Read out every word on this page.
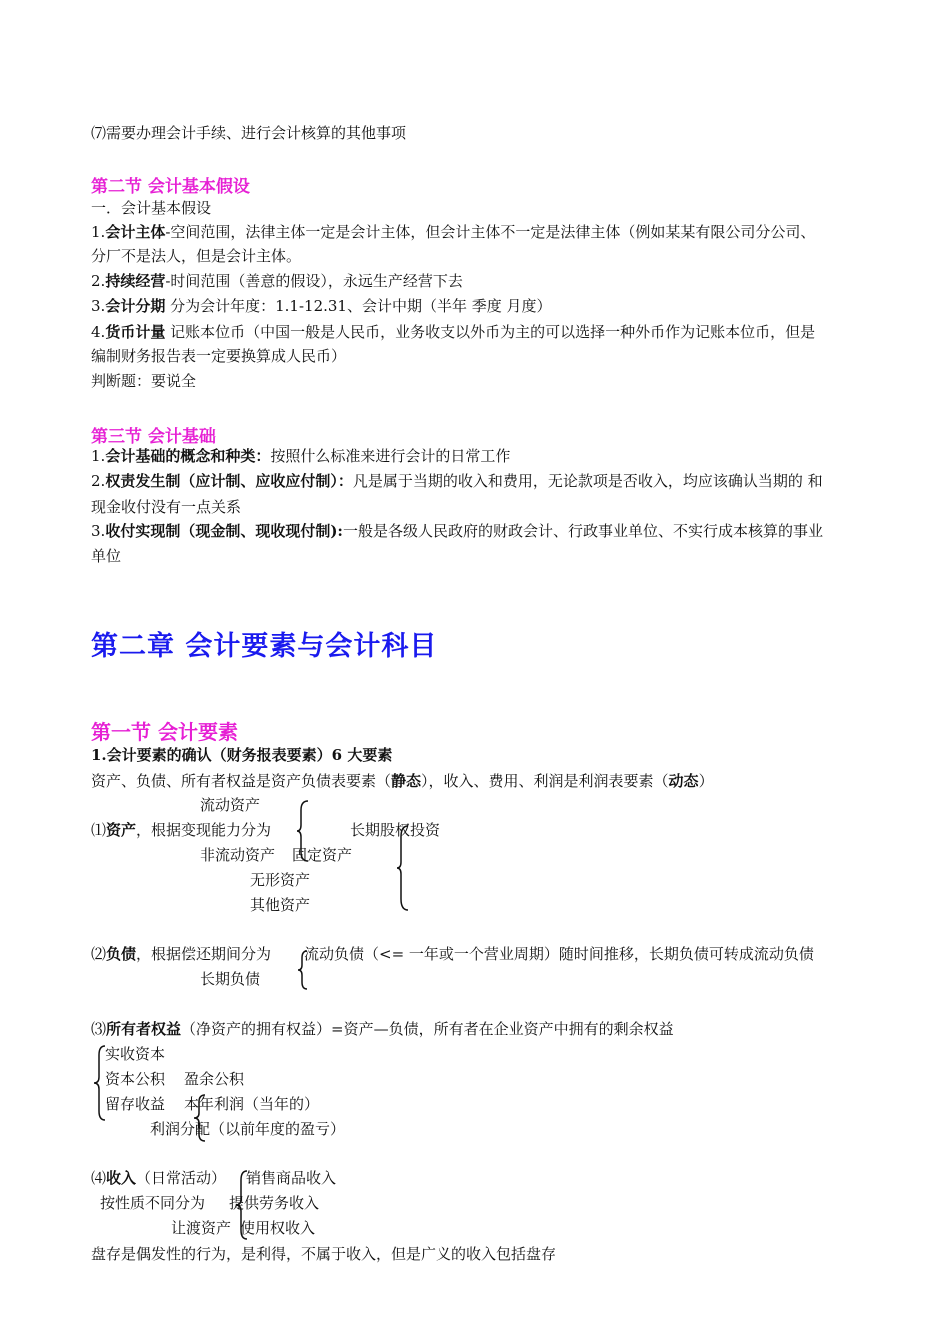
⑺需要办理会计手续、进行会计核算的其他事项
第二节 会计基本假设
一．会计基本假设
1.会计主体-空间范围，法律主体一定是会计主体，但会计主体不一定是法律主体（例如某某有限公司分公司、
分厂不是法人，但是会计主体。
2.持续经营-时间范围（善意的假设），永远生产经营下去
3.会计分期 分为会计年度：1.1-12.31、会计中期（半年 季度 月度）
4.货币计量 记账本位币（中国一般是人民币，业务收支以外币为主的可以选择一种外币作为记账本位币，但是
编制财务报告表一定要换算成人民币）
判断题：要说全
第三节 会计基础
1.会计基础的概念和种类：按照什么标准来进行会计的日常工作
2.权责发生制（应计制、应收应付制）：凡是属于当期的收入和费用，无论款项是否收入，均应该确认当期的 和
现金收付没有一点关系
3.收付实现制（现金制、现收现付制):一般是各级人民政府的财政会计、行政事业单位、不实行成本核算的事业
单位
第二章 会计要素与会计科目
第一节 会计要素
1.会计要素的确认（财务报表要素）6 大要素
资产、负债、所有者权益是资产负债表要素（静态），收入、费用、利润是利润表要素（动态）
流动资产
⑴资产，根据变现能力分为	长期股权投资
非流动资产 固定资产
无形资产
其他资产
⑵负债，根据偿还期间分为 流动负债（<= 一年或一个营业周期）随时间推移，长期负债可转成流动负债
长期负债
⑶所有者权益（净资产的拥有权益）=资产—负债，所有者在企业资产中拥有的剩余权益
实收资本
资本公积 盈余公积
留存收益 本年利润（当年的）
利润分配（以前年度的盈亏）
⑷收入（日常活动） 销售商品收入
按性质不同分为 提供劳务收入
让渡资产 使用权收入
盘存是偶发性的行为，是利得，不属于收入，但是广义的收入包括盘存
